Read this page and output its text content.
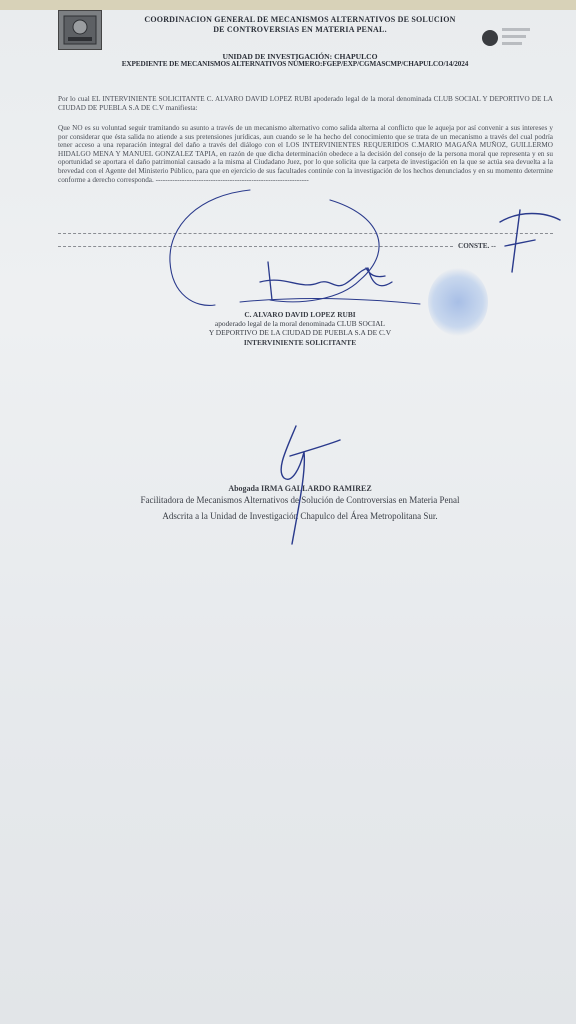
COORDINACION GENERAL DE MECANISMOS ALTERNATIVOS DE SOLUCION
DE CONTROVERSIAS EN MATERIA PENAL.
UNIDAD DE INVESTIGACIÓN: CHAPULCO
EXPEDIENTE DE MECANISMOS ALTERNATIVOS NÚMERO:FGEP/EXP/CGMASCMP/CHAPULCO/14/2024
Por lo cual EL INTERVINIENTE SOLICITANTE C. ALVARO DAVID LOPEZ RUBI apoderado legal de la moral denominada CLUB SOCIAL Y DEPORTIVO DE LA CIUDAD DE PUEBLA S.A DE C.V manifiesta:
Que NO es su voluntad seguir tramitando su asunto a través de un mecanismo alternativo como salida alterna al conflicto que le aqueja por así convenir a sus intereses y por considerar que ésta salida no atiende a sus pretensiones jurídicas, aun cuando se le ha hecho del conocimiento que se trata de un mecanismo a través del cual podría tener acceso a una reparación integral del daño a través del diálogo con el LOS INTERVINIENTES REQUERIDOS C.MARIO MAGAÑA MUÑOZ, GUILLERMO HIDALGO MENA Y MANUEL GONZALEZ TAPIA, en razón de que dicha determinación obedece a la decisión del consejo de la persona moral que representa y en su oportunidad se aportara el daño patrimonial causado a la misma al Ciudadano Juez, por lo que solicita que la carpeta de investigación en la que se actúa sea devuelta a la brevedad con el Agente del Ministerio Público, para que en ejercicio de sus facultades continúe con la investigación de los hechos denunciados y en su momento determine conforme a derecho corresponda. ----------------------------------------------------------------
CONSTE. --
C. ALVARO DAVID LOPEZ RUBI
apoderado legal de la moral denominada CLUB SOCIAL
Y DEPORTIVO DE LA CIUDAD DE PUEBLA S.A DE C.V
INTERVINIENTE SOLICITANTE
Abogada IRMA GALLARDO RAMIREZ
Facilitadora de Mecanismos Alternativos de Solución de Controversias en Materia Penal
Adscrita a la Unidad de Investigación Chapulco del Área Metropolitana Sur.
